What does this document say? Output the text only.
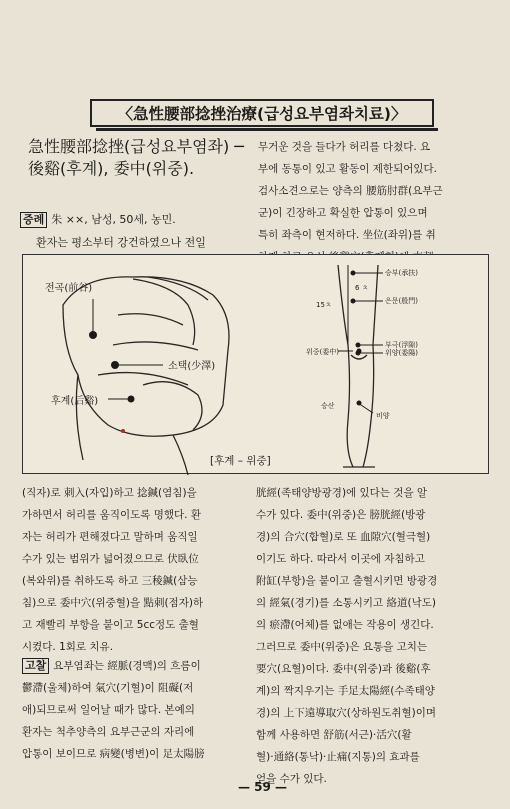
〈急性腰部捻挫治療(급성요부염좌치료)〉
急性腰部捻挫(급성요부염좌) ─ 後谿(후계), 委中(위중).
증례 朱 ××, 남성, 50세, 농민.
환자는 평소부터 강건하였으나 전일
무거운 것을 들다가 허리를 다쳤다. 요
부에 동통이 있고 활동이 제한되어있다.
검사소견으로는 양측의 腰筋肘群(요부근
군)이 긴장하고 확실한 압통이 있으며
특히 좌측이 현저하다. 坐位(좌위)를 취
전곡(前谷)
소택(少澤)
후계(后谿)
승부(承扶)
은문(殷門)
부극(浮隙)
위양(委陽)
위중(委中)
승산
비양
6 ㅊ
15ㅊ
[후계 – 위중]
(직자)로 刺入(자입)하고 捻鍼(염침)을
가하면서 허리를 움직이도록 명했다. 환
자는 허리가 편해졌다고 말하며 움직일
수가 있는 범위가 넓어졌으므로 伏臥位
(복와위)를 취하도록 하고 三稜鍼(삼능
침)으로 委中穴(위중혈)을 點刺(점자)하
고 재빨리 부항을 붙이고 5cc정도 출혈
시켰다. 1회로 치유.
고찰 요부염좌는 經脈(경맥)의 흐름이
鬱滯(울체)하여 氣穴(기혈)이 阻礙(저
애)되므로써 일어날 때가 많다. 본예의
환자는 척추양측의 요부근군의 자리에
압통이 보이므로 病變(병변)이 足太陽膀
胱經(족태양방광경)에 있다는 것을 알
수가 있다. 委中(위중)은 膀胱經(방광
경)의 合穴(합혈)로 또 血隙穴(혈극혈)
이기도 하다. 따라서 이곳에 자침하고
附缸(부항)을 붙이고 출혈시키면 방광경
의 經氣(경기)를 소통시키고 絡道(낙도)
의 瘀滯(어체)를 없애는 작용이 생긴다.
그러므로 委中(위중)은 요통을 고치는
要穴(요혈)이다. 委中(위중)과 後谿(후
계)의 짝지우기는 手足太陽經(수족태양
경)의 上下遠導取穴(상하원도취혈)이며
함께 사용하면 舒筋(서근)·活穴(활
혈)·通絡(통낙)·止痛(지통)의 효과를
얻을 수가 있다.
— 59 —
